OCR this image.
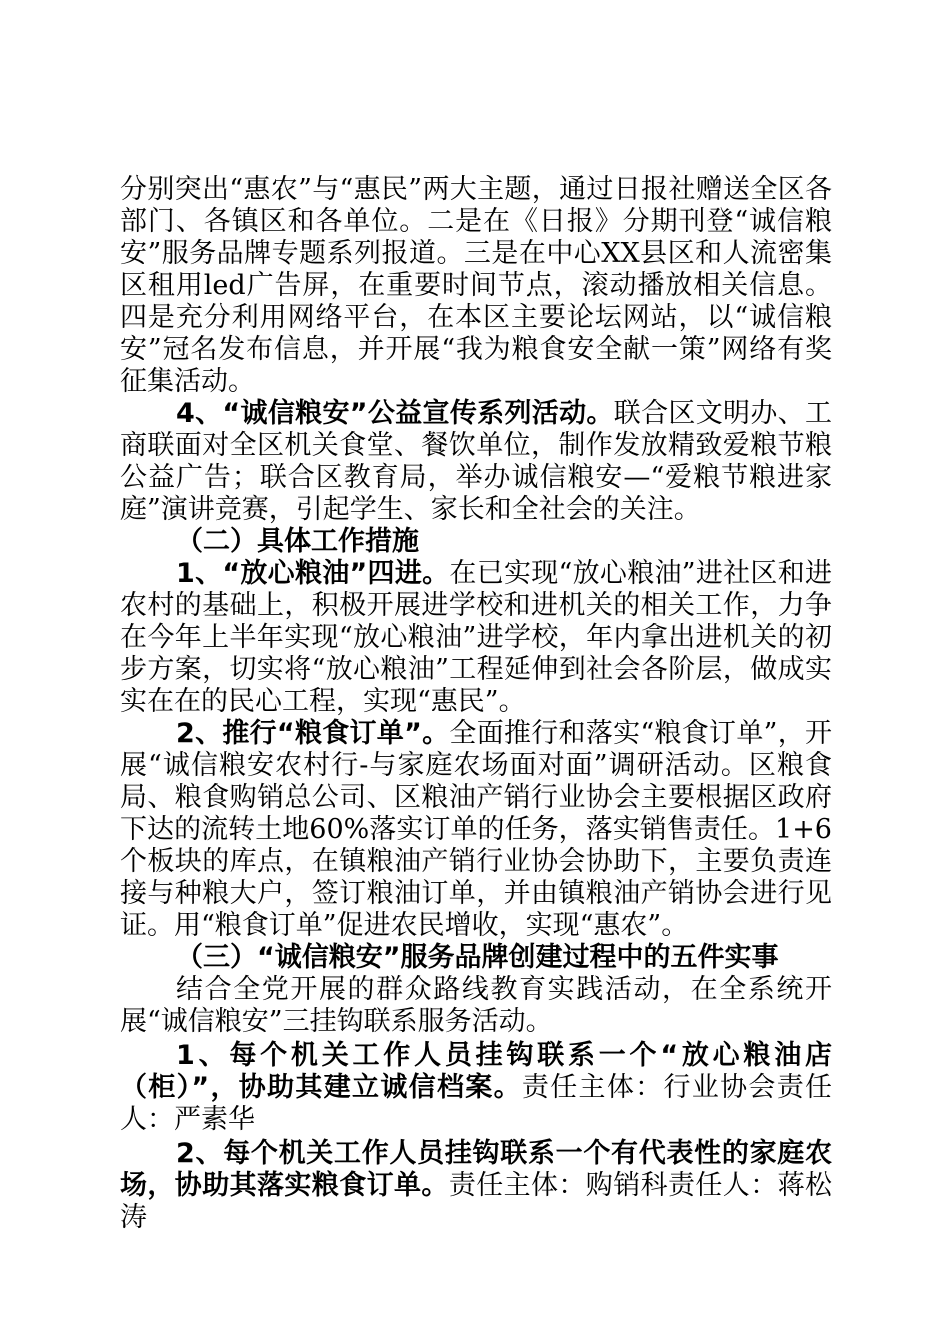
分别突出“惠农”与“惠民”两大主题，通过日报社赠送全区各部门、各镇区和各单位。二是在《日报》分期刊登“诚信粮安”服务品牌专题系列报道。三是在中心XX县区和人流密集区租用led广告屏，在重要时间节点，滚动播放相关信息。四是充分利用网络平台，在本区主要论坛网站，以“诚信粮安”冠名发布信息，并开展“我为粮食安全献一策”网络有奖征集活动。

4、“诚信粮安”公益宣传系列活动。联合区文明办、工商联面对全区机关食堂、餐饮单位，制作发放精致爱粮节粮公益广告；联合区教育局，举办诚信粮安—“爱粮节粮进家庭”演讲竞赛，引起学生、家长和全社会的关注。

（二）具体工作措施

1、“放心粮油”四进。在已实现“放心粮油”进社区和进农村的基础上，积极开展进学校和进机关的相关工作，力争在今年上半年实现“放心粮油”进学校，年内拿出进机关的初步方案，切实将“放心粮油”工程延伸到社会各阶层，做成实实在在的民心工程，实现“惠民”。

2、推行“粮食订单”。全面推行和落实“粮食订单”，开展“诚信粮安农村行-与家庭农场面对面”调研活动。区粮食局、粮食购销总公司、区粮油产销行业协会主要根据区政府下达的流转土地60%落实订单的任务，落实销售责任。1+6个板块的库点，在镇粮油产销行业协会协助下，主要负责连接与种粮大户，签订粮油订单，并由镇粮油产销协会进行见证。用“粮食订单”促进农民增收，实现“惠农”。

（三）“诚信粮安”服务品牌创建过程中的五件实事

结合全党开展的群众路线教育实践活动，在全系统开展“诚信粮安”三挂钩联系服务活动。

1、每个机关工作人员挂钩联系一个“放心粮油店（柜）”，协助其建立诚信档案。责任主体：行业协会责任人：严素华

2、每个机关工作人员挂钩联系一个有代表性的家庭农场，协助其落实粮食订单。责任主体：购销科责任人：蒋松涛
